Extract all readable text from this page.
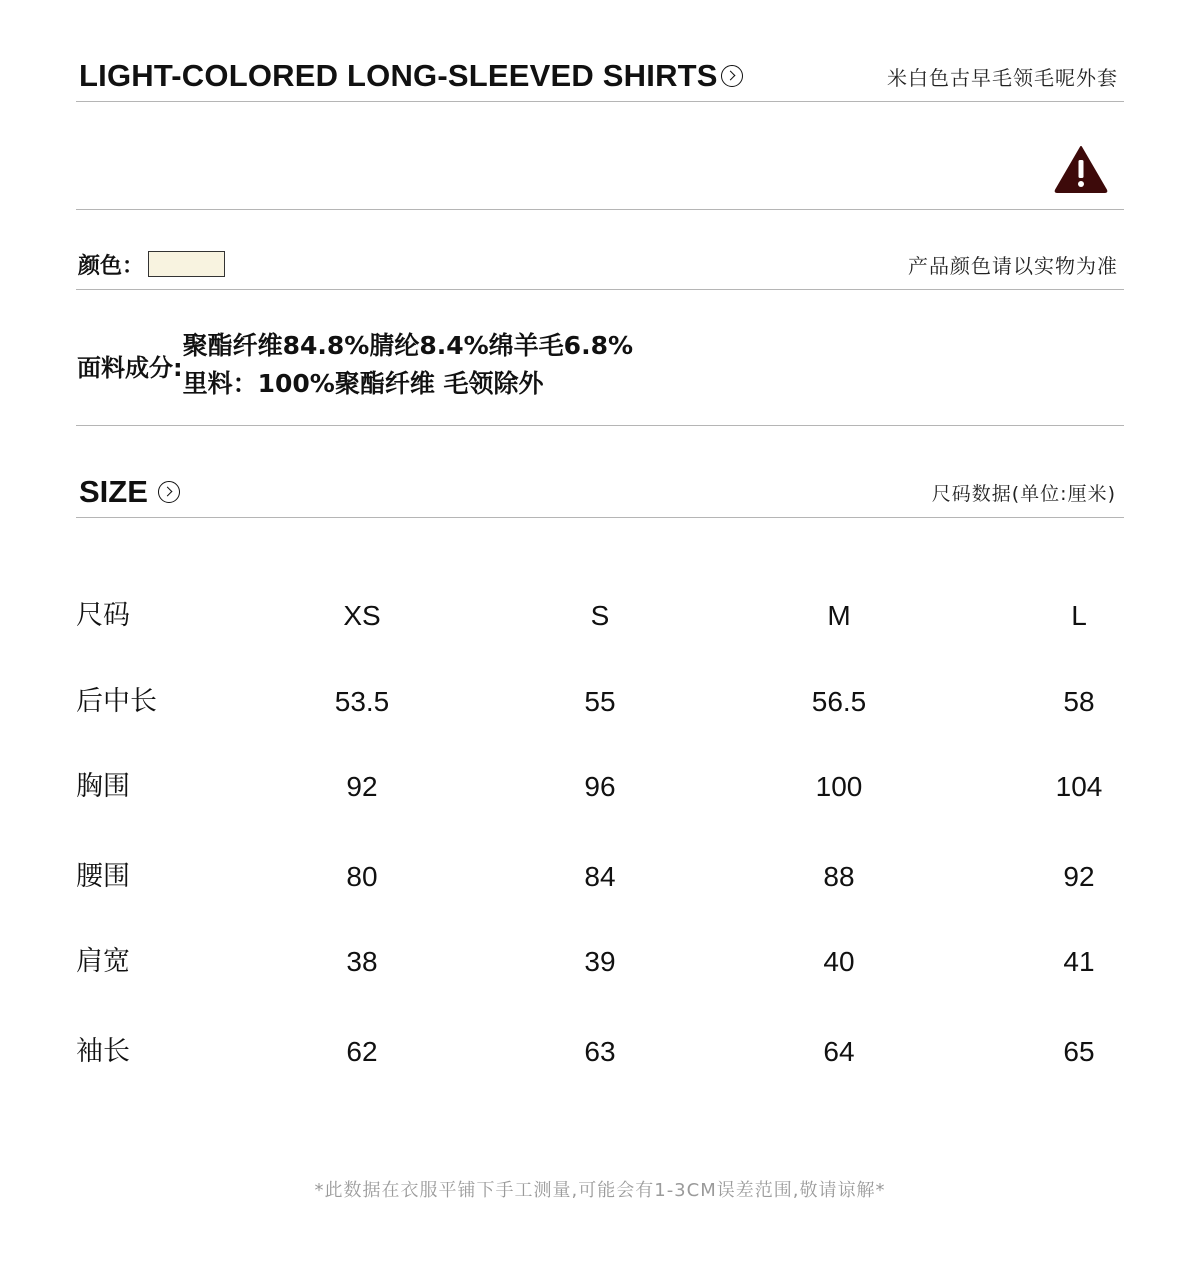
LIGHT-COLORED LONG-SLEEVED SHIRTS	米白色古早毛领毛呢外套
颜色：	产品颜色请以实物为准
面料成分:
聚酯纤维84.8%腈纶8.4%绵羊毛6.8%
里料：100%聚酯纤维 毛领除外
SIZE	尺码数据(单位:厘米)
尺码	XS	S	M	L
后中长	53.5	55	56.5	58
胸围	92	96	100	104
腰围	80	84	88	92
肩宽	38	39	40	41
袖长	62	63	64	65
*此数据在衣服平铺下手工测量,可能会有1-3CM误差范围,敬请谅解*
